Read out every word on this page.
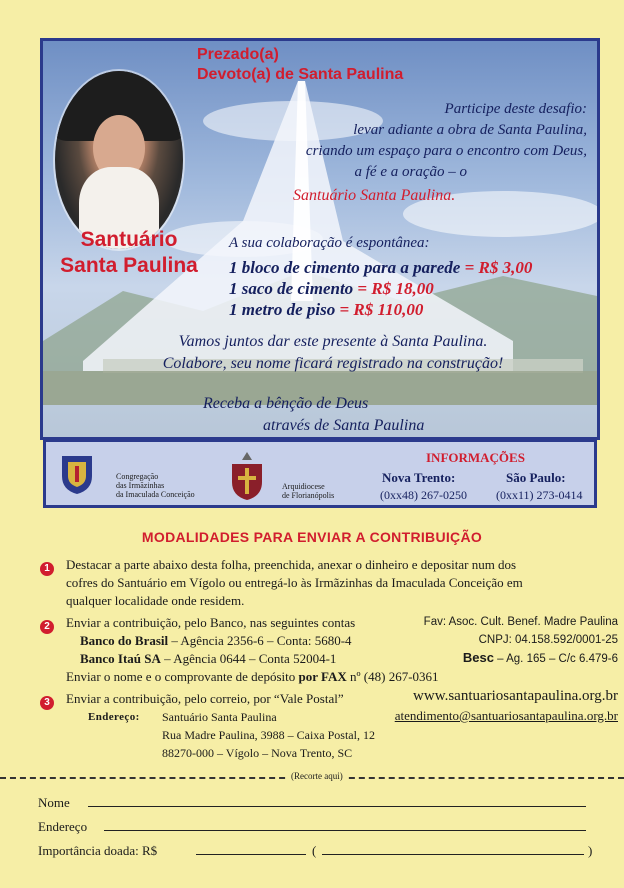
Prezado(a)
Devoto(a) de Santa Paulina
Participe deste desafio:
levar adiante a obra de Santa Paulina,
criando um espaço para o encontro com Deus,
a fé e a oração – o
Santuário Santa Paulina.
Santuário
Santa Paulina
A sua colaboração é espontânea:
1 bloco de cimento para a parede = R$ 3,00
1 saco de cimento = R$ 18,00
1 metro de piso = R$ 110,00
Vamos juntos dar este presente à Santa Paulina.
Colabore, seu nome ficará registrado na construção!
Receba a bênção de Deus
através de Santa Paulina
Congregação
das Irmãzinhas
da Imaculada Conceição
Arquidiocese
de Florianópolis
INFORMAÇÕES
Nova Trento:	São Paulo:
(0xx48) 267-0250 (0xx11) 273-0414
MODALIDADES PARA ENVIAR A CONTRIBUIÇÃO
1	Destacar a parte abaixo desta folha, preenchida, anexar o dinheiro e depositar num dos
cofres do Santuário em Vígolo ou entregá-lo às Irmãzinhas da Imaculada Conceição em
qualquer localidade onde residem.
2	Enviar a contribuição, pelo Banco, nas seguintes contas
Banco do Brasil – Agência 2356-6 – Conta: 5680-4
Banco Itaú SA – Agência 0644 – Conta 52004-1
Enviar o nome e o comprovante de depósito por FAX nº (48) 267-0361
Fav: Asoc. Cult. Benef. Madre Paulina
CNPJ: 04.158.592/0001-25
Besc – Ag. 165 – C/c 6.479-6
3	Enviar a contribuição, pelo correio, por “Vale Postal”
Endereço: Santuário Santa Paulina
Rua Madre Paulina, 3988 – Caixa Postal, 12
88270-000 – Vígolo – Nova Trento, SC
www.santuariosantapaulina.org.br
atendimento@santuariosantapaulina.org.br
(Recorte aqui)
Nome
Endereço
Importância doada: R$	(	)
